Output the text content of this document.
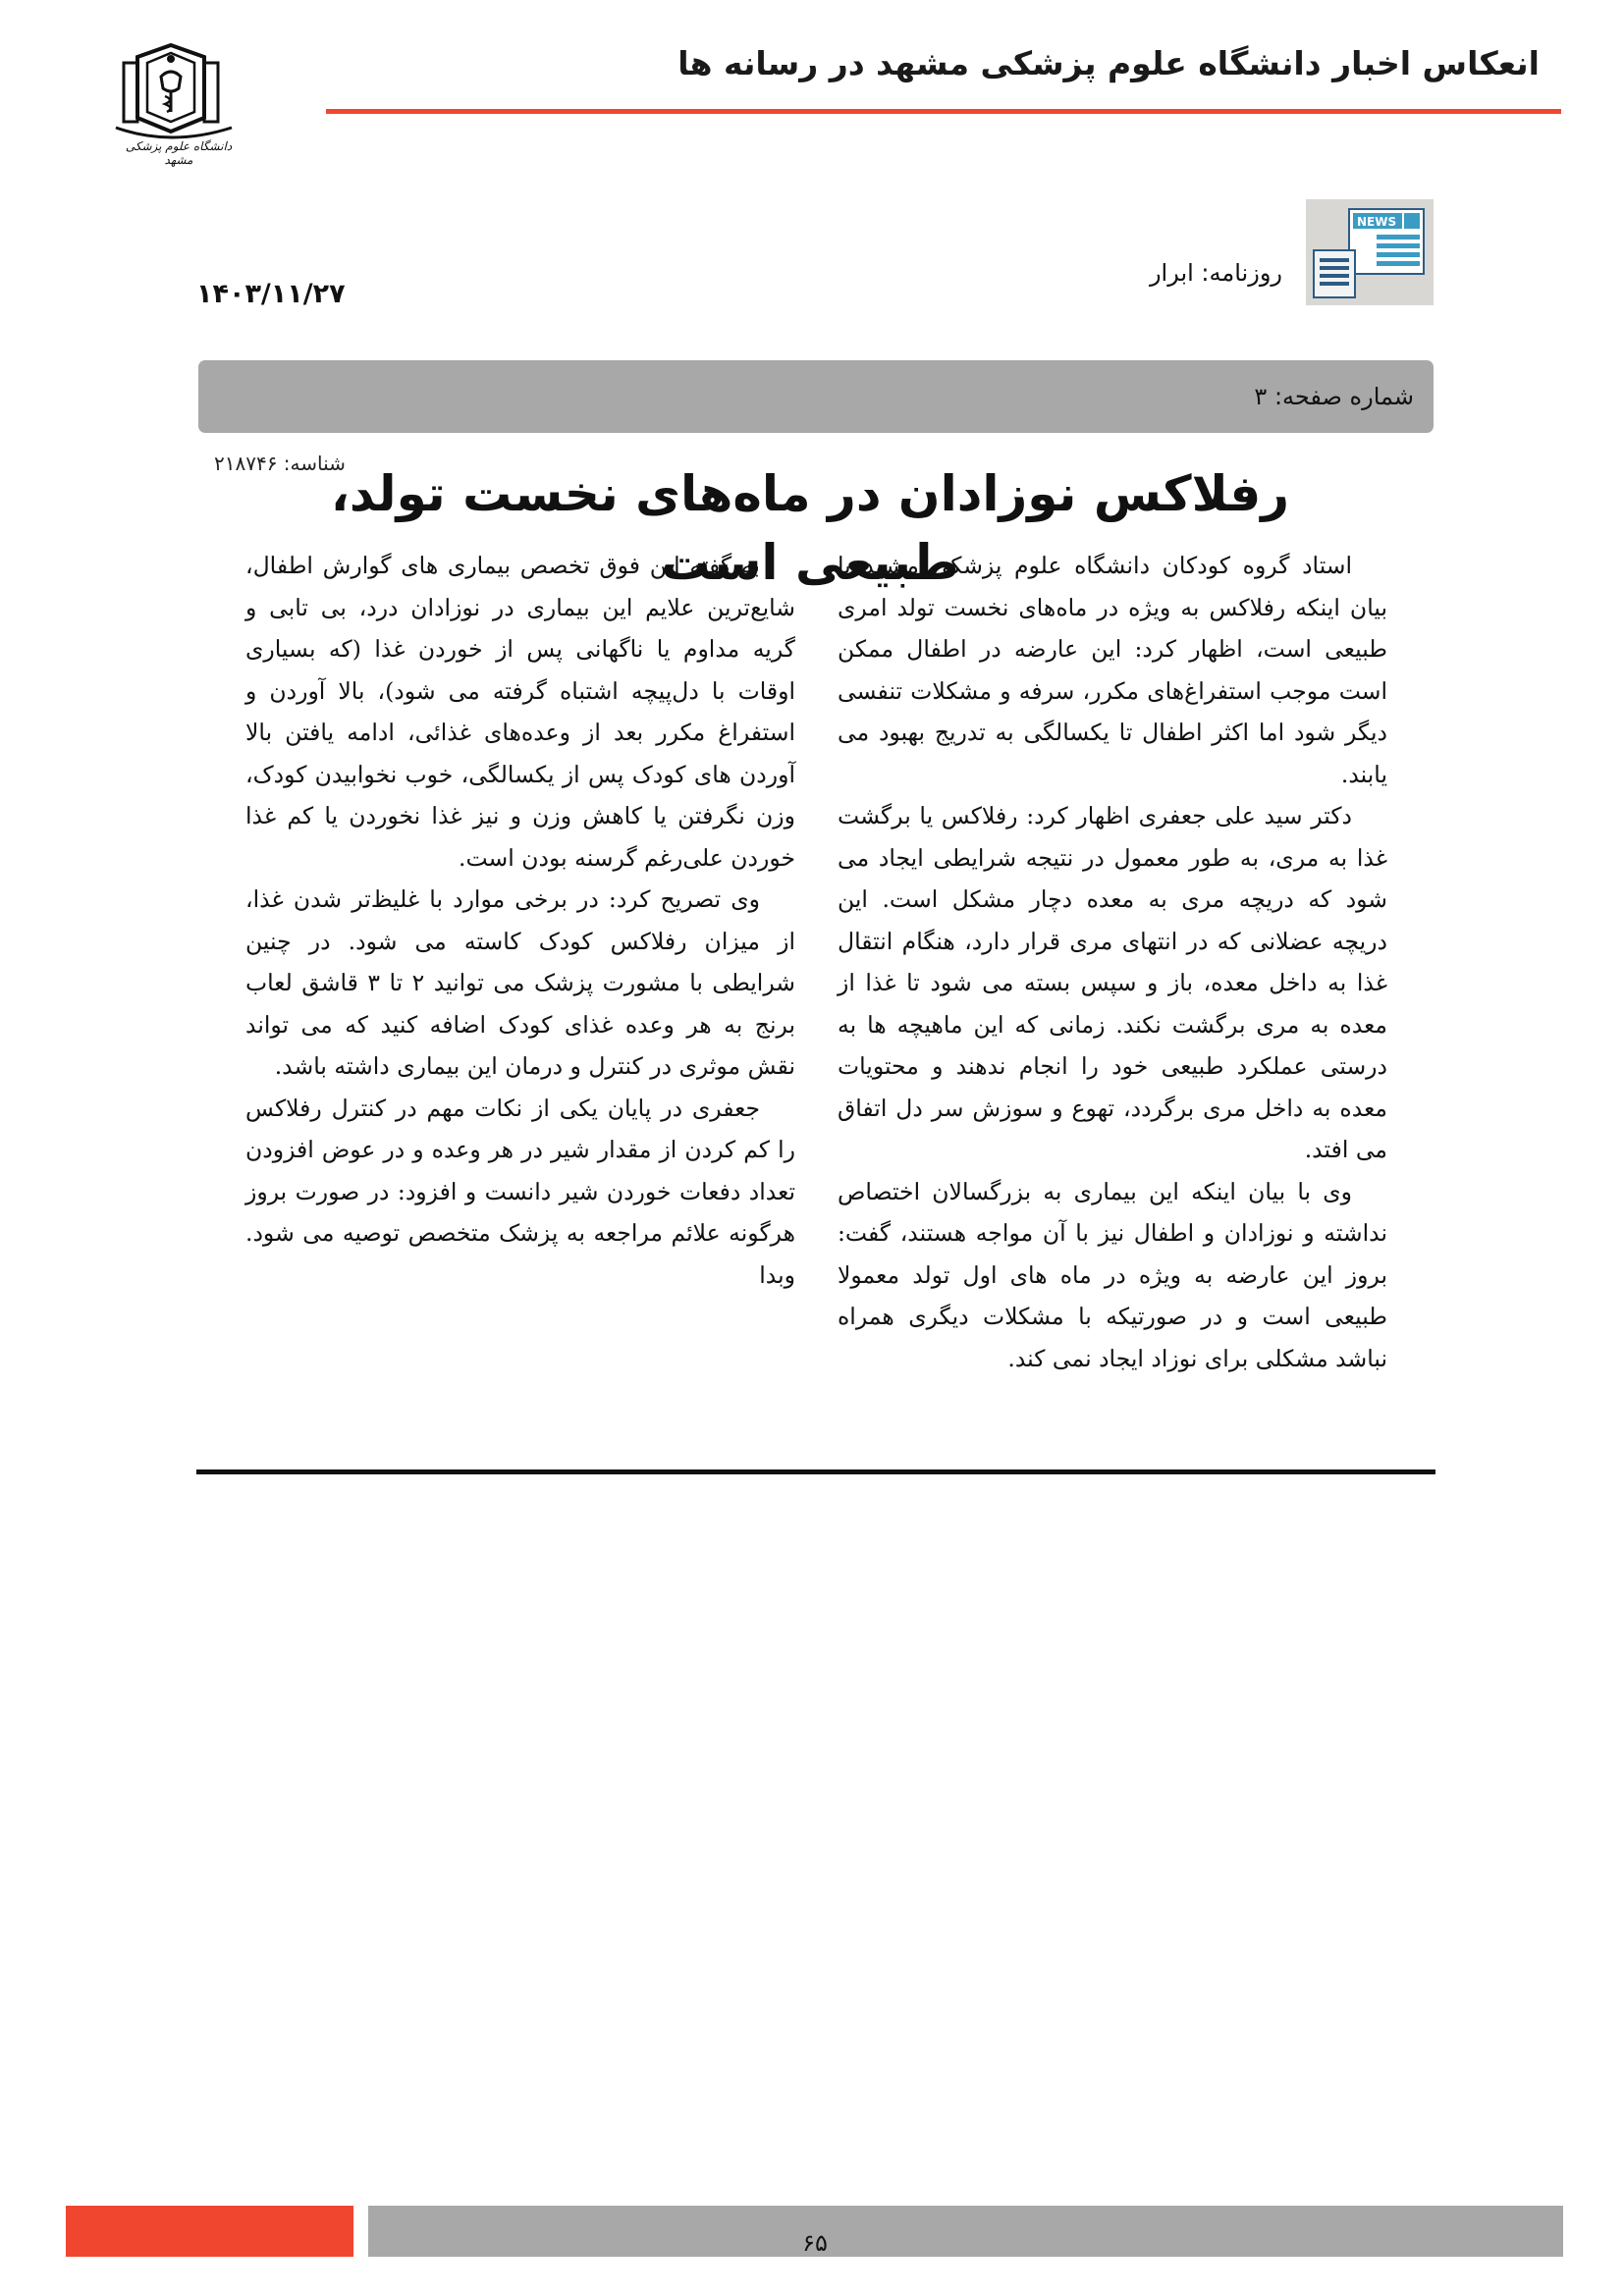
انعکاس اخبار دانشگاه علوم پزشکی مشهد در رسانه ها
دانشگاه علوم پزشکی مشهد
NEWS
روزنامه: ابرار
۱۴۰۳/۱۱/۲۷
شماره صفحه: ۳
شناسه: ۲۱۸۷۴۶
رفلاکس نوزادان در ماه‌های نخست تولد، طبیعی است

استاد گروه کودکان دانشگاه علوم پزشکی مشهد با بیان اینکه رفلاکس به ویژه در ماه‌های نخست تولد امری طبیعی است، اظهار کرد: این عارضه در اطفال ممکن است موجب استفراغ‌های مکرر، سرفه و مشکلات تنفسی دیگر شود اما اکثر اطفال تا یکسالگی به تدریج بهبود می یابند.

دکتر سید علی جعفری اظهار کرد: رفلاکس یا برگشت غذا به مری، به طور معمول در نتیجه شرایطی ایجاد می شود که دریچه مری به معده دچار مشکل است. این دریچه عضلانی که در انتهای مری قرار دارد، هنگام انتقال غذا به داخل معده، باز و سپس بسته می شود تا غذا از معده به مری برگشت نکند. زمانی که این ماهیچه ها به درستی عملکرد طبیعی خود را انجام ندهند و محتویات معده به داخل مری برگردد، تهوع و سوزش سر دل اتفاق می افتد.

وی با بیان اینکه این بیماری به بزرگسالان اختصاص نداشته و نوزادان و اطفال نیز با آن مواجه هستند، گفت: بروز این عارضه به ویژه در ماه های اول تولد معمولا طبیعی است و در صورتیکه با مشکلات دیگری همراه نباشد مشکلی برای نوزاد ایجاد نمی کند.

به گفته این فوق تخصص بیماری های گوارش اطفال، شایع‌ترین علایم این بیماری در نوزادان درد، بی تابی و گریه مداوم یا ناگهانی پس از خوردن غذا (که بسیاری اوقات با دل‌پیچه اشتباه گرفته می شود)، بالا آوردن و استفراغ مکرر بعد از وعده‌های غذائی، ادامه یافتن بالا آوردن های کودک پس از یکسالگی، خوب نخوابیدن کودک، وزن نگرفتن یا کاهش وزن و نیز غذا نخوردن یا کم غذا خوردن علی‌رغم گرسنه بودن است.

وی تصریح کرد: در برخی موارد با غلیظ‌تر شدن غذا، از میزان رفلاکس کودک کاسته می شود. در چنین شرایطی با مشورت پزشک می توانید ۲ تا ۳ قاشق لعاب برنج به هر وعده غذای کودک اضافه کنید که می تواند نقش موثری در کنترل و درمان این بیماری داشته باشد.

جعفری در پایان یکی از نکات مهم در کنترل رفلاکس را کم کردن از مقدار شیر در هر وعده و در عوض افزودن تعداد دفعات خوردن شیر دانست و افزود: در صورت بروز هرگونه علائم مراجعه به پزشک متخصص توصیه می شود. وبدا

۶۵
